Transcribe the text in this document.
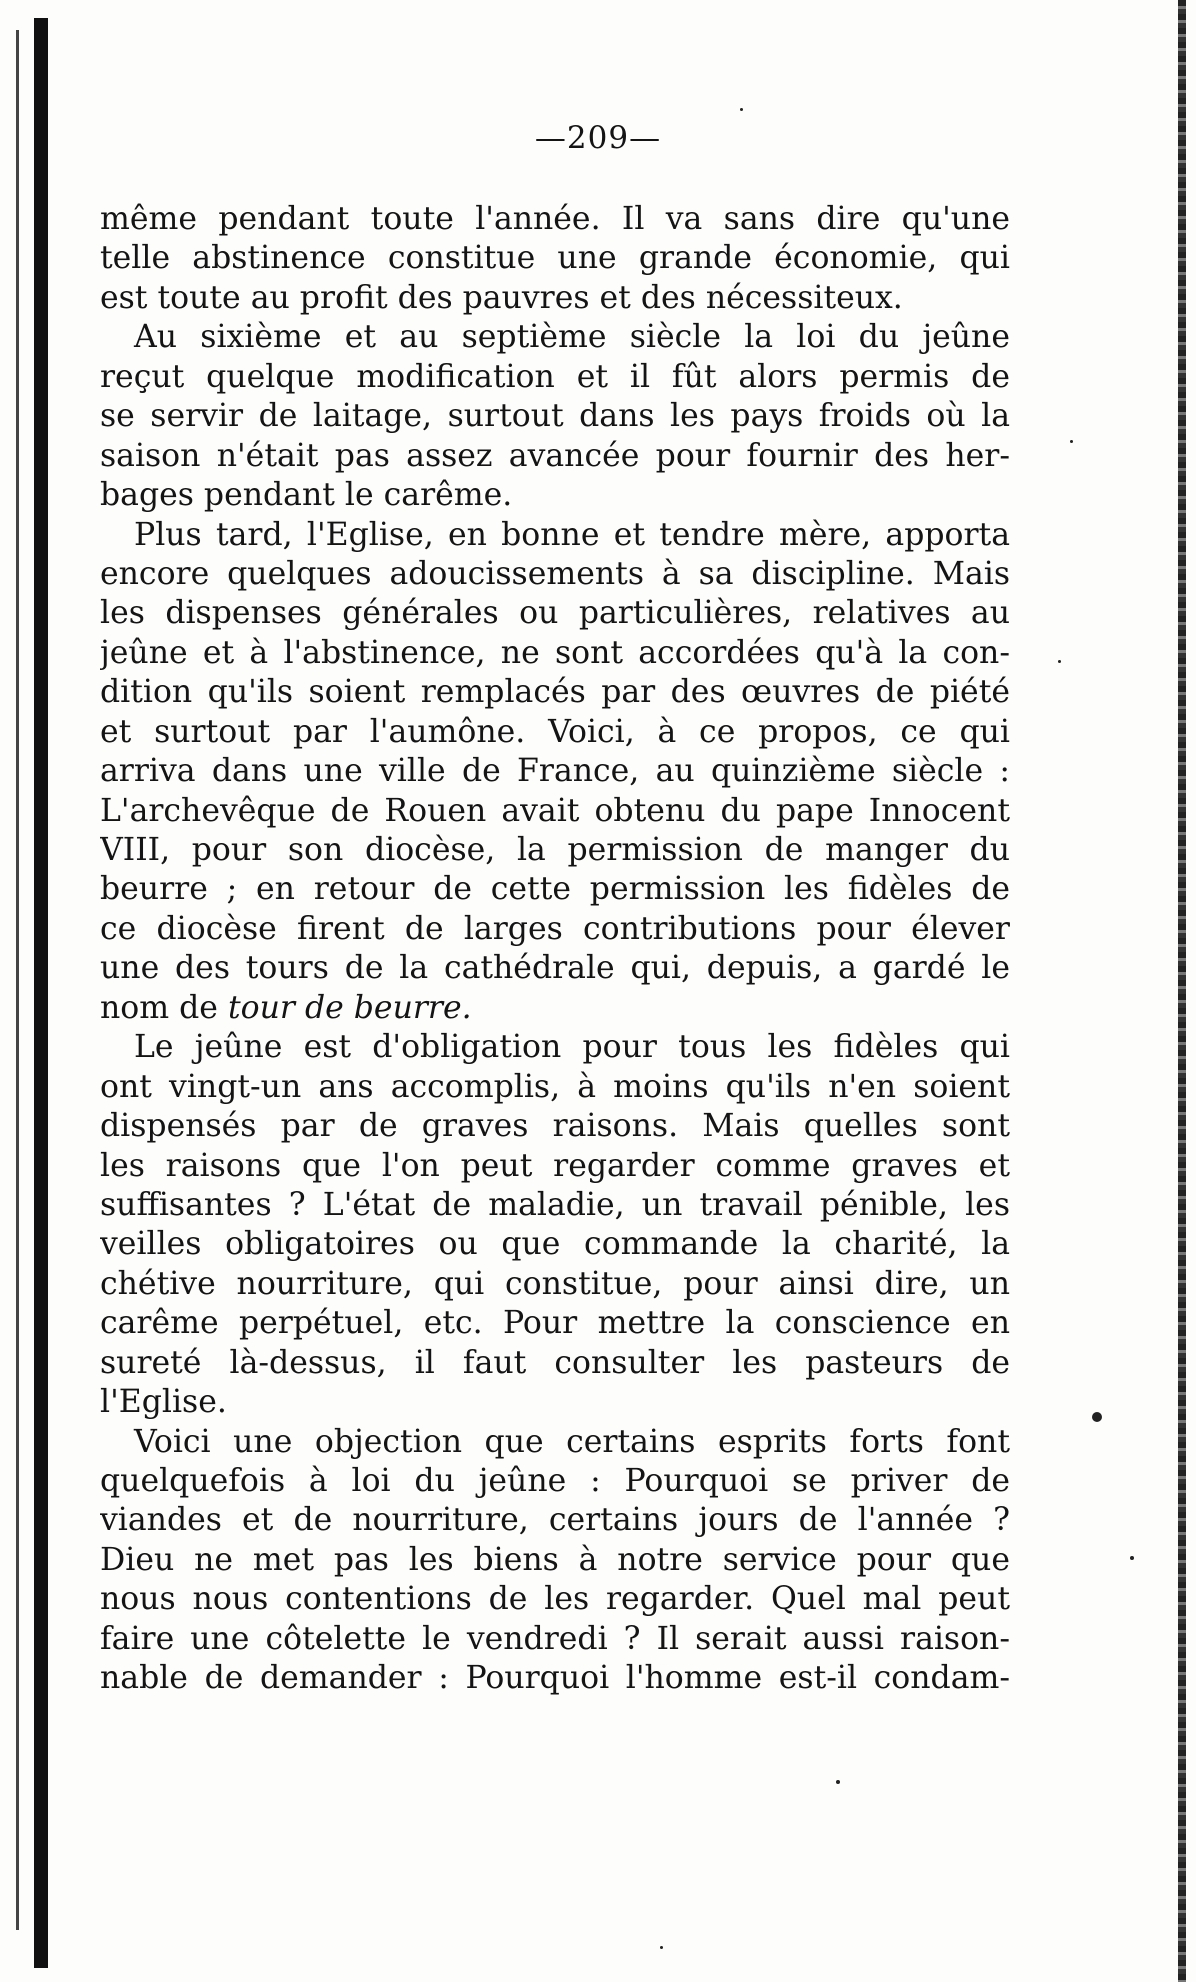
—209—
même pendant toute l'année. Il va sans dire qu'une
telle abstinence constitue une grande économie, qui
est toute au profit des pauvres et des nécessiteux.
Au sixième et au septième siècle la loi du jeûne
reçut quelque modification et il fût alors permis de
se servir de laitage, surtout dans les pays froids où la
saison n'était pas assez avancée pour fournir des her-
bages pendant le carême.
Plus tard, l'Eglise, en bonne et tendre mère, apporta
encore quelques adoucissements à sa discipline. Mais
les dispenses générales ou particulières, relatives au
jeûne et à l'abstinence, ne sont accordées qu'à la con-
dition qu'ils soient remplacés par des œuvres de piété
et surtout par l'aumône. Voici, à ce propos, ce qui
arriva dans une ville de France, au quinzième siècle :
L'archevêque de Rouen avait obtenu du pape Innocent
VIII, pour son diocèse, la permission de manger du
beurre ; en retour de cette permission les fidèles de
ce diocèse firent de larges contributions pour élever
une des tours de la cathédrale qui, depuis, a gardé le
nom de tour de beurre.
Le jeûne est d'obligation pour tous les fidèles qui
ont vingt-un ans accomplis, à moins qu'ils n'en soient
dispensés par de graves raisons. Mais quelles sont
les raisons que l'on peut regarder comme graves et
suffisantes ? L'état de maladie, un travail pénible, les
veilles obligatoires ou que commande la charité, la
chétive nourriture, qui constitue, pour ainsi dire, un
carême perpétuel, etc. Pour mettre la conscience en
sureté là-dessus, il faut consulter les pasteurs de
l'Eglise.
Voici une objection que certains esprits forts font
quelquefois à loi du jeûne : Pourquoi se priver de
viandes et de nourriture, certains jours de l'année ?
Dieu ne met pas les biens à notre service pour que
nous nous contentions de les regarder. Quel mal peut
faire une côtelette le vendredi ? Il serait aussi raison-
nable de demander : Pourquoi l'homme est-il condam-
